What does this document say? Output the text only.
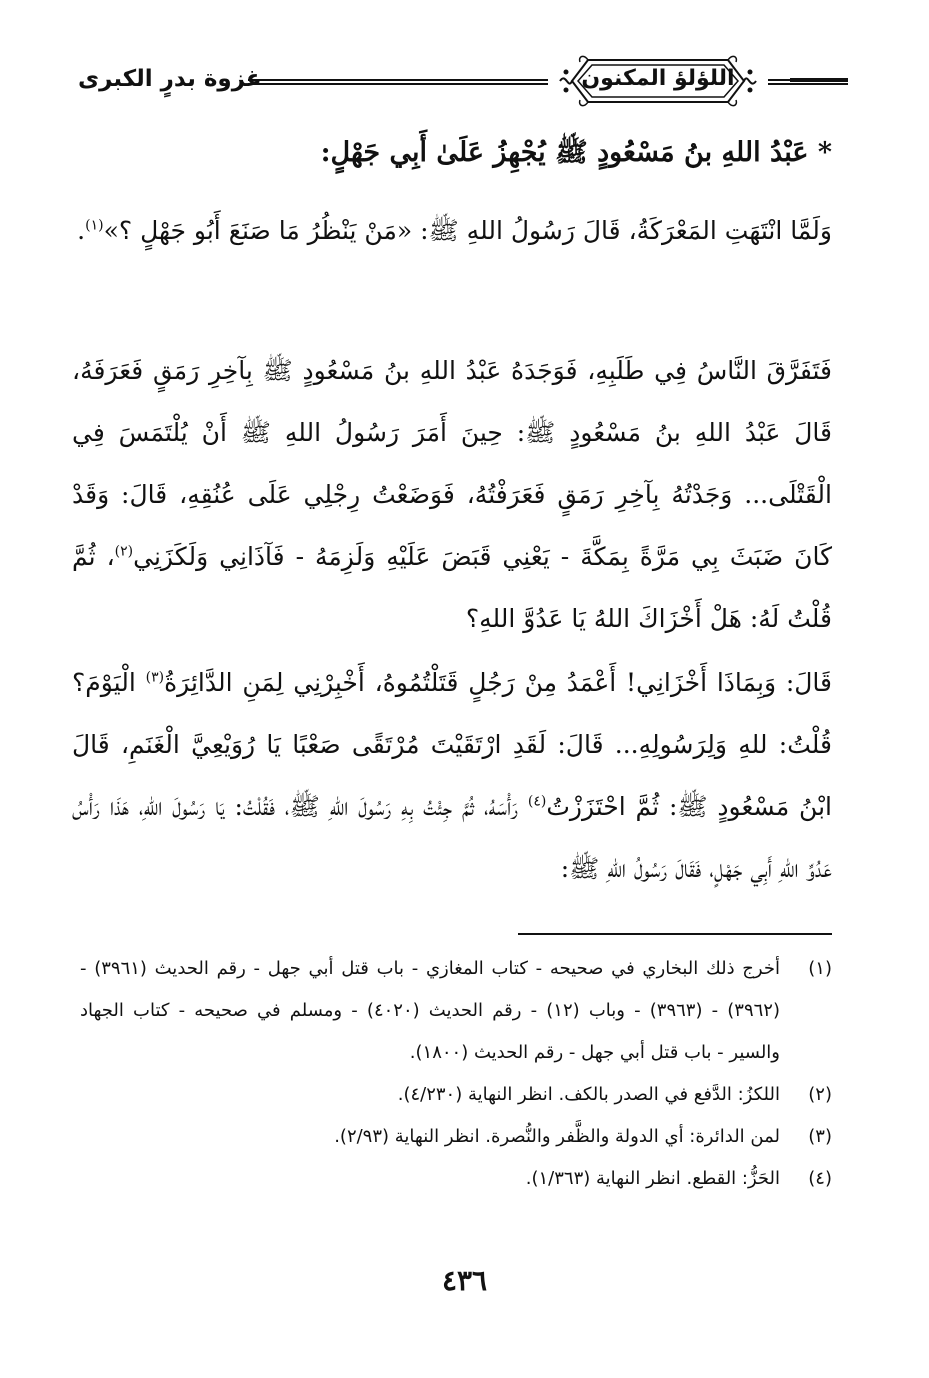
اللؤلؤ المكنون
غزوة بدرٍ الكبرى
* عَبْدُ اللهِ بنُ مَسْعُودٍ ﷺ يُجْهِزُ عَلَىٰ أَبِي جَهْلٍ:
وَلَمَّا انْتَهَتِ المَعْرَكَةُ، قَالَ رَسُولُ اللهِ ﷺ: «مَنْ يَنْظُرُ مَا صَنَعَ أَبُو جَهْلٍ ؟»$^{(١)}$.
فَتَفَرَّقَ النَّاسُ فِي طَلَبِهِ، فَوَجَدَهُ عَبْدُ اللهِ بنُ مَسْعُودٍ ﷺ بِآخِرِ رَمَقٍ فَعَرَفَهُ، قَالَ عَبْدُ اللهِ بنُ مَسْعُودٍ ﷺ: حِينَ أَمَرَ رَسُولُ اللهِ ﷺ أَنْ يُلْتَمَسَ فِي الْقَتْلَى... وَجَدْتُهُ بِآخِرِ رَمَقٍ فَعَرَفْتُهُ، فَوَضَعْتُ رِجْلِي عَلَى عُنُقِهِ، قَالَ: وَقَدْ كَانَ ضَبَثَ بِي مَرَّةً بِمَكَّةَ - يَعْنِي قَبَضَ عَلَيْهِ وَلَزِمَهُ - فَآذَانِي وَلَكَزَنِي$^{(٢)}$، ثُمَّ قُلْتُ لَهُ: هَلْ أَخْزَاكَ اللهُ يَا عَدُوَّ اللهِ؟
قَالَ: وَبِمَاذَا أَخْزَانِي! أَعْمَدُ مِنْ رَجُلٍ قَتَلْتُمُوهُ، أَخْبِرْنِي لِمَنِ الدَّائِرَةُ$^{(٣)}$ الْيَوْمَ؟ قُلْتُ: للهِ وَلِرَسُولِهِ... قَالَ: لَقَدِ ارْتَقَيْتَ مُرْتَقًى صَعْبًا يَا رُوَيْعِيَّ الْغَنَمِ، قَالَ ابْنُ مَسْعُودٍ ﷺ: ثُمَّ احْتَزَزْتُ$^{(٤)}$ رَأْسَهُ، ثُمَّ جِئْتُ بِهِ رَسُولَ اللهِ ﷺ، فَقُلْتُ: يَا رَسُولَ اللهِ، هَذَا رَأْسُ عَدُوِّ اللهِ أَبِي جَهْلٍ، فَقَالَ رَسُولُ اللهِ ﷺ:
(١)
أخرج ذلك البخاري في صحيحه - كتاب المغازي - باب قتل أبي جهل - رقم الحديث (٣٩٦١) - (٣٩٦٢) - (٣٩٦٣) - وباب (١٢) - رقم الحديث (٤٠٢٠) - ومسلم في صحيحه - كتاب الجهاد والسير - باب قتل أبي جهل - رقم الحديث (١٨٠٠).
(٢)
اللكزُ: الدَّفع في الصدر بالكف. انظر النهاية (٤/٢٣٠).
(٣)
لمن الدائرة: أي الدولة والظَّفر والنُّصرة. انظر النهاية (٢/٩٣).
(٤)
الحَزُّ: القطع. انظر النهاية (١/٣٦٣).
٤٣٦
